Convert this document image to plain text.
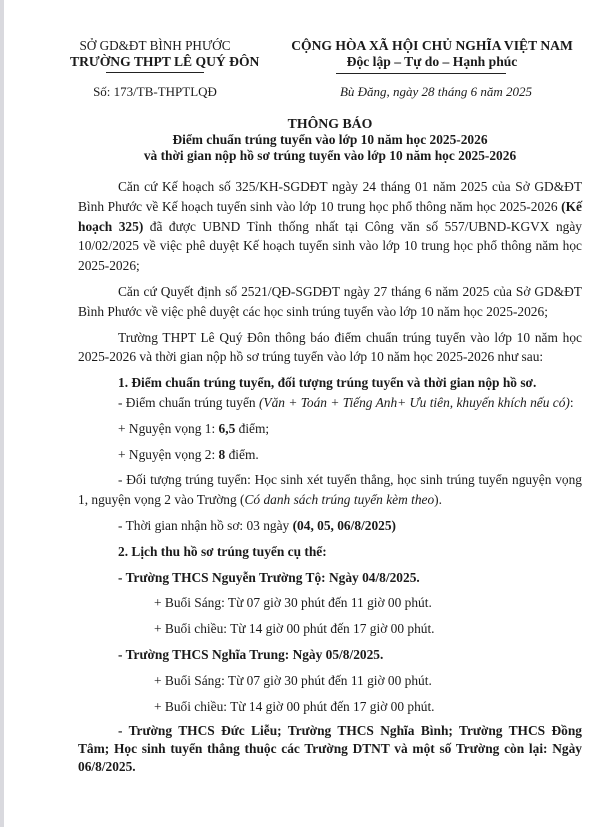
SỞ GD&ĐT BÌNH PHƯỚC
TRƯỜNG THPT LÊ QUÝ ĐÔN
Số: 173/TB-THPTLQĐ
CỘNG HÒA XÃ HỘI CHỦ NGHĨA VIỆT NAM
Độc lập – Tự do – Hạnh phúc
Bù Đăng, ngày 28 tháng 6 năm 2025
THÔNG BÁO
Điểm chuẩn trúng tuyển vào lớp 10 năm học 2025-2026
và thời gian nộp hồ sơ trúng tuyển vào lớp 10 năm học 2025-2026

Căn cứ Kế hoạch số 325/KH-SGDĐT ngày 24 tháng 01 năm 2025 của Sở GD&ĐT Bình Phước về Kế hoạch tuyển sinh vào lớp 10 trung học phổ thông năm học 2025-2026 (Kế hoạch 325) đã được UBND Tỉnh thống nhất tại Công văn số 557/UBND-KGVX ngày 10/02/2025 về việc phê duyệt Kế hoạch tuyển sinh vào lớp 10 trung học phổ thông năm học 2025-2026;

Căn cứ Quyết định số 2521/QĐ-SGDĐT ngày 27 tháng 6 năm 2025 của Sở GD&ĐT Bình Phước về việc phê duyệt các học sinh trúng tuyển vào lớp 10 năm học 2025-2026;

Trường THPT Lê Quý Đôn thông báo điểm chuẩn trúng tuyển vào lớp 10 năm học 2025-2026 và thời gian nộp hồ sơ trúng tuyển vào lớp 10 năm học 2025-2026 như sau:

1. Điểm chuẩn trúng tuyển, đối tượng trúng tuyển và thời gian nộp hồ sơ.

- Điểm chuẩn trúng tuyển (Văn + Toán + Tiếng Anh+ Ưu tiên, khuyến khích nếu có):

+ Nguyện vọng 1: 6,5 điểm;

+ Nguyện vọng 2: 8 điểm.

- Đối tượng trúng tuyển: Học sinh xét tuyển thẳng, học sinh trúng tuyển nguyện vọng 1, nguyện vọng 2 vào Trường (Có danh sách trúng tuyển kèm theo).

- Thời gian nhận hồ sơ: 03 ngày (04, 05, 06/8/2025)

2. Lịch thu hồ sơ trúng tuyển cụ thể:

- Trường THCS Nguyễn Trường Tộ: Ngày 04/8/2025.

+ Buổi Sáng: Từ 07 giờ 30 phút đến 11 giờ 00 phút.

+ Buổi chiều: Từ 14 giờ 00 phút đến 17 giờ 00 phút.

- Trường THCS Nghĩa Trung: Ngày 05/8/2025.

+ Buổi Sáng: Từ 07 giờ 30 phút đến 11 giờ 00 phút.

+ Buổi chiều: Từ 14 giờ 00 phút đến 17 giờ 00 phút.

- Trường THCS Đức Liễu; Trường THCS Nghĩa Bình; Trường THCS Đồng Tâm; Học sinh tuyển thẳng thuộc các Trường DTNT và một số Trường còn lại: Ngày 06/8/2025.
